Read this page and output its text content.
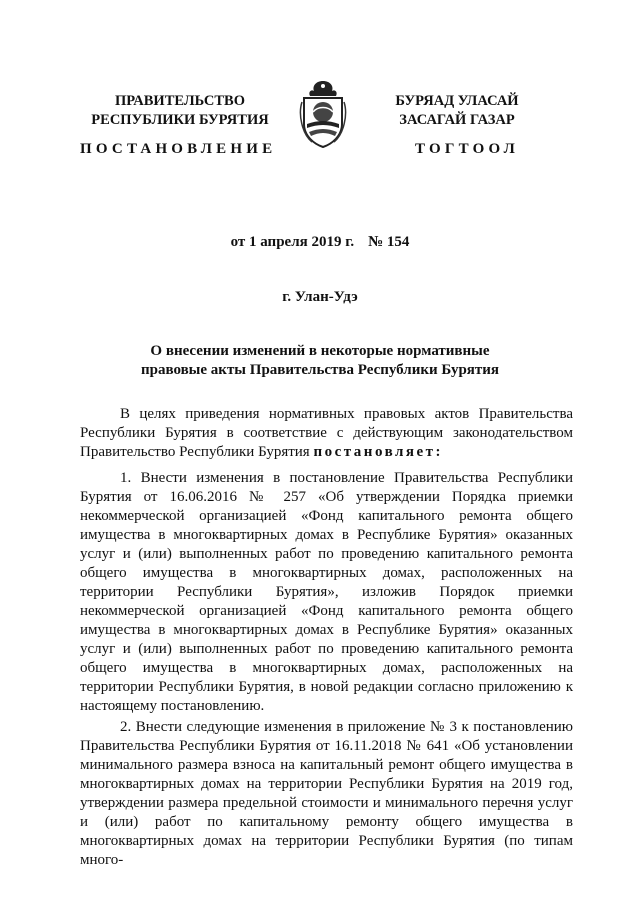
ПРАВИТЕЛЬСТВО
РЕСПУБЛИКИ БУРЯТИЯ
БУРЯАД УЛАСАЙ
ЗАСАГАЙ ГАЗАР
ПОСТАНОВЛЕНИЕ	ТОГТООЛ
от 1 апреля 2019 г. № 154
г. Улан-Удэ
О внесении изменений в некоторые нормативные
правовые акты Правительства Республики Бурятия

В целях приведения нормативных правовых актов Правительства Республики Бурятия в соответствие с действующим законодательством Правительство Республики Бурятия постановляет:

1. Внести изменения в постановление Правительства Республики Бурятия от 16.06.2016 № 257 «Об утверждении Порядка приемки некоммерческой организацией «Фонд капитального ремонта общего имущества в многоквартирных домах в Республике Бурятия» оказанных услуг и (или) выполненных работ по проведению капитального ремонта общего имущества в многоквартирных домах, расположенных на территории Республики Бурятия», изложив Порядок приемки некоммерческой организацией «Фонд капитального ремонта общего имущества в многоквартирных домах в Республике Бурятия» оказанных услуг и (или) выполненных работ по проведению капитального ремонта общего имущества в многоквартирных домах, расположенных на территории Республики Бурятия, в новой редакции согласно приложению к настоящему постановлению.

2. Внести следующие изменения в приложение № 3 к постановлению Правительства Республики Бурятия от 16.11.2018 № 641 «Об установлении минимального размера взноса на капитальный ремонт общего имущества в многоквартирных домах на территории Республики Бурятия на 2019 год, утверждении размера предельной стоимости и минимального перечня услуг и (или) работ по капитальному ремонту общего имущества в многоквартирных домах на территории Республики Бурятия (по типам много-
